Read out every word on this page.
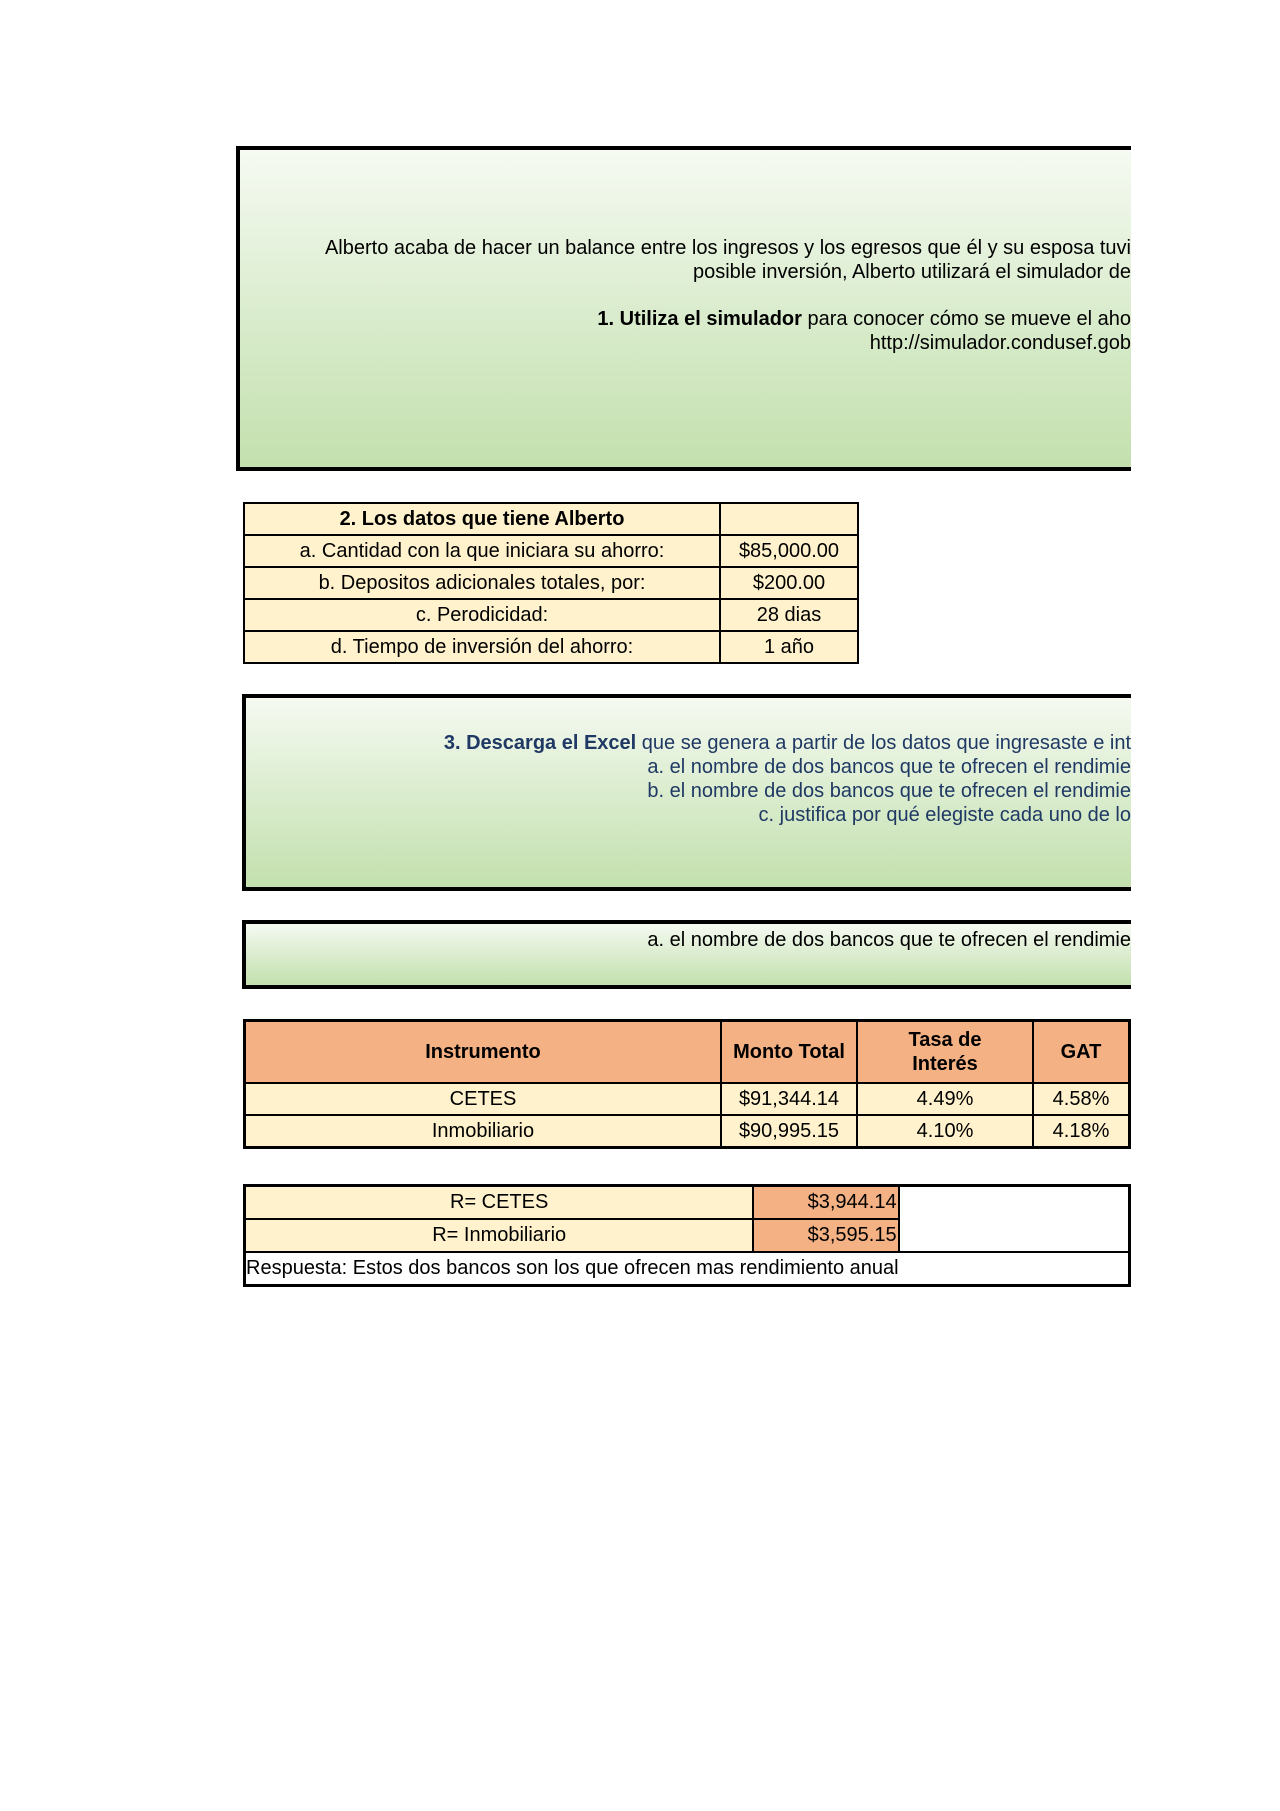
Alberto acaba de hacer un balance entre los ingresos y los egresos que él y su esposa tuvi
posible inversión, Alberto utilizará el simulador de
1. Utiliza el simulador para conocer cómo se mueve el aho
http://simulador.condusef.gob
2. Los datos que tiene Alberto	
a. Cantidad con la que iniciara su ahorro:	$85,000.00
b. Depositos adicionales totales, por:	$200.00
c. Perodicidad:	28 dias
d. Tiempo de inversión del ahorro:	1 año
3. Descarga el Excel que se genera a partir de los datos que ingresaste e int
a. el nombre de dos bancos que te ofrecen el rendimie
b. el nombre de dos bancos que te ofrecen el rendimie
c. justifica por qué elegiste cada uno de lo
a. el nombre de dos bancos que te ofrecen el rendimie
Instrumento	Monto Total	Tasa de Interés	GAT
CETES	$91,344.14	4.49%	4.58%
Inmobiliario	$90,995.15	4.10%	4.18%
R= CETES	$3,944.14	
R= Inmobiliario	$3,595.15	
Respuesta: Estos dos bancos son los que ofrecen mas rendimiento anual		
